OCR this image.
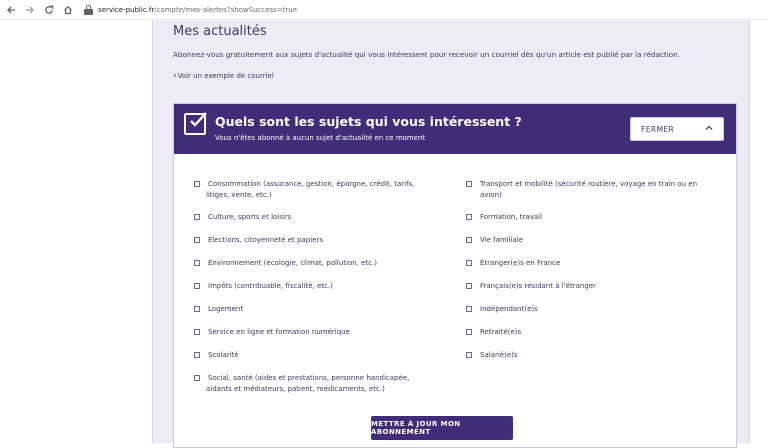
service-public.fr/compte/mes-alertes?showSuccess=true
Mes actualités
Abonnez-vous gratuitement aux sujets d'actualité qui vous intéressent pour recevoir un courriel dès qu'un article est publié par la rédaction.
›Voir un exemple de courriel
Quels sont les sujets qui vous intéressent ?
Vous n'êtes abonné à aucun sujet d'actualité en ce moment
FERMER
Consommation (assurance, gestion, épargne, crédit, tarifs,
litiges, vente, etc.)
Culture, sports et loisirs
Elections, citoyenneté et papiers
Environnement (écologie, climat, pollution, etc.)
Impôts (contribuable, fiscalité, etc.)
Logement
Service en ligne et formation numérique
Scolarité
Social, santé (aides et prestations, personne handicapée,
aidants et médiateurs, patient, médicaments, etc.)
Transport et mobilité (sécurité routière, voyage en train ou en
avion)
Formation, travail
Vie familiale
Étranger(e)s en France
Français(e)s résidant à l'étranger
Indépendant(e)s
Retraité(e)s
Salarié(e)s
METTRE À JOUR MON ABONNEMENT
